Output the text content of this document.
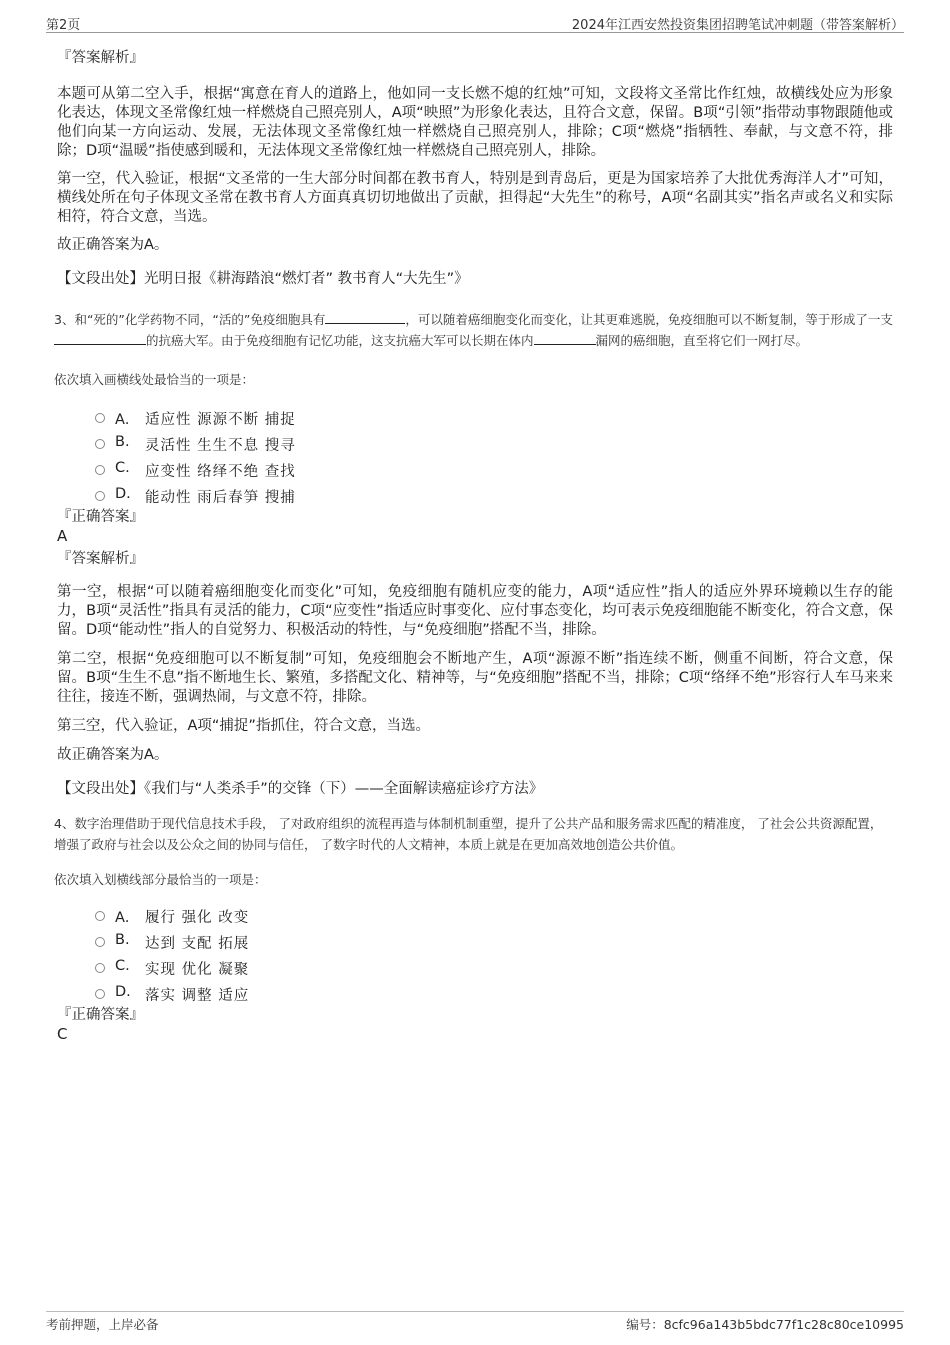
第2页	2024年江西安然投资集团招聘笔试冲刺题（带答案解析）
『答案解析』

本题可从第二空入手，根据“寓意在育人的道路上，他如同一支长燃不熄的红烛”可知，文段将文圣常比作红烛，故横线处应为形象化表达，体现文圣常像红烛一样燃烧自己照亮别人，A项“映照”为形象化表达，且符合文意，保留。B项“引领”指带动事物跟随他或他们向某一方向运动、发展，无法体现文圣常像红烛一样燃烧自己照亮别人，排除；C项“燃烧”指牺牲、奉献，与文意不符，排除；D项“温暖”指使感到暖和，无法体现文圣常像红烛一样燃烧自己照亮别人，排除。

第一空，代入验证，根据“文圣常的一生大部分时间都在教书育人，特别是到青岛后，更是为国家培养了大批优秀海洋人才”可知，横线处所在句子体现文圣常在教书育人方面真真切切地做出了贡献，担得起“大先生”的称号，A项“名副其实”指名声或名义和实际相符，符合文意，当选。

故正确答案为A。

【文段出处】光明日报《耕海踏浪“燃灯者” 教书育人“大先生”》

3、和“死的”化学药物不同，“活的”免疫细胞具有	，可以随着癌细胞变化而变化，让其更难逃脱，免疫细胞可以不断复制，等于形成了一支的抗癌大军。由于免疫细胞有记忆功能，这支抗癌大军可以长期在体内	漏网的癌细胞，直至将它们一网打尽。

依次填入画横线处最恰当的一项是：

A． 适应性 源源不断 捕捉
B. 灵活性 生生不息 搜寻
C. 应变性 络绎不绝 查找
D. 能动性 雨后春笋 搜捕
『正确答案』
A
『答案解析』

第一空，根据“可以随着癌细胞变化而变化”可知，免疫细胞有随机应变的能力，A项“适应性”指人的适应外界环境赖以生存的能力，B项“灵活性”指具有灵活的能力，C项“应变性”指适应时事变化、应付事态变化，均可表示免疫细胞能不断变化，符合文意，保留。D项“能动性”指人的自觉努力、积极活动的特性，与“免疫细胞”搭配不当，排除。

第二空，根据“免疫细胞可以不断复制”可知，免疫细胞会不断地产生，A项“源源不断”指连续不断，侧重不间断，符合文意，保留。B项“生生不息”指不断地生长、繁殖，多搭配文化、精神等，与“免疫细胞”搭配不当，排除；C项“络绎不绝”形容行人车马来来往往，接连不断，强调热闹，与文意不符，排除。

第三空，代入验证，A项“捕捉”指抓住，符合文意，当选。

故正确答案为A。

【文段出处】《我们与“人类杀手”的交锋（下）——全面解读癌症诊疗方法》

4、数字治理借助于现代信息技术手段， 了对政府组织的流程再造与体制机制重塑，提升了公共产品和服务需求匹配的精准度， 了社会公共资源配置，增强了政府与社会以及公众之间的协同与信任， 了数字时代的人文精神，本质上就是在更加高效地创造公共价值。

依次填入划横线部分最恰当的一项是：

A． 履行 强化 改变
B. 达到 支配 拓展
C. 实现 优化 凝聚
D. 落实 调整 适应
『正确答案』
C
考前押题，上岸必备	编号：8cfc96a143b5bdc77f1c28c80ce10995
